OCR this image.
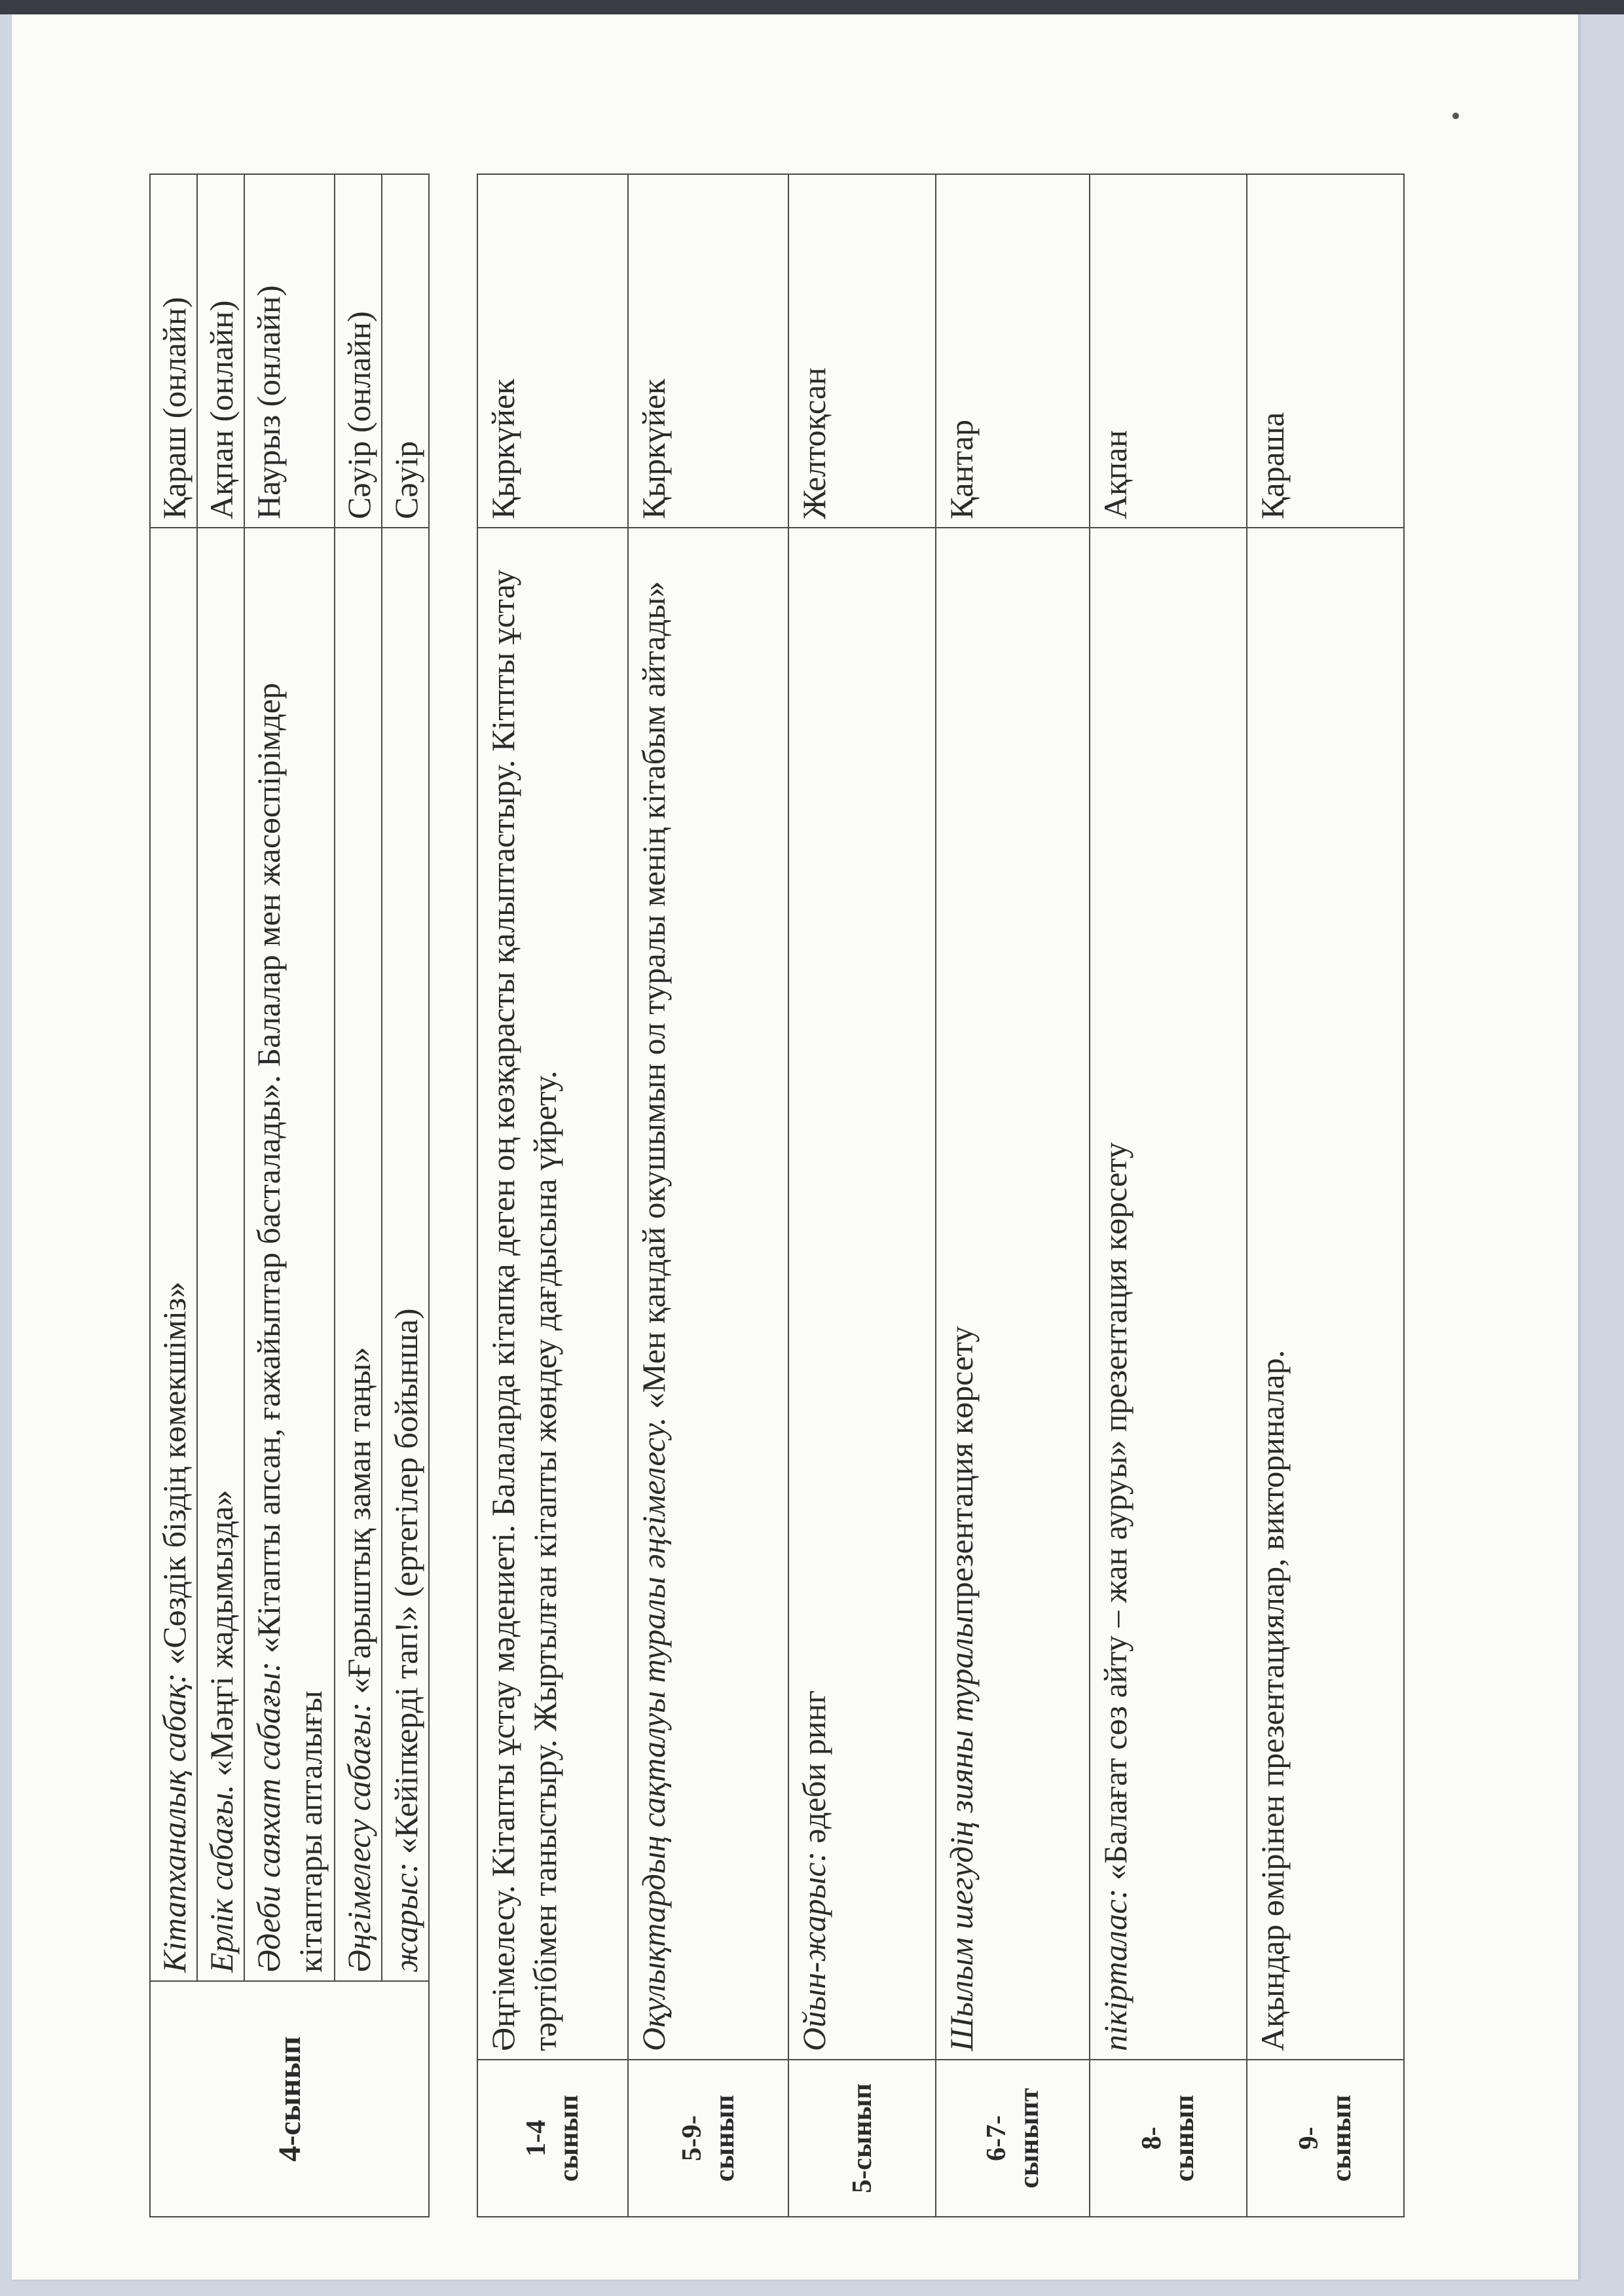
4-сынып	Кітапханалық сабақ: «Сөздік біздің көмекшіміз»	Қараш (онлайн)
	Ерлік сабағы. «Мәңгі жадымызда»	Ақпан (онлайн)
	Әдеби саяхат сабағы: «Кітапты апсан, ғажайыптар басталады». Балалар мен жасөспірімдер кітаптары апталығы	Наурыз (онлайн)
	Әңгімелесу сабағы: «Ғарыштық заман таңы»	Сәуір (онлайн)
	жарыс: «Кейіпкерді тап!» (ертегілер бойынша)	Сәуір
1-4 сынып	Әңгімелесу. Кітапты ұстау мәдениеті. Балаларда кітапқа деген оң көзқарасты қалыптастыру. Кітпты ұстау тәртібімен таныстыру. Жыртылған кітапты жөндеу дағдысына үйрету.	Қыркүйек

5-9- сынып	Оқулықтардың сақталуы туралы әңгімелесу. «Мен қандай окушымын ол туралы менің кітабым айтады»	Қыркүйек

5-сынып	Ойын-жарыс: әдеби ринг	Желтоқсан

6-7- сыныпт	Шылым шегудің зияны туралыпрезентация көрсету	Қантар

8- сынып	пікірталас: «Балағат сөз айту – жан ауруы» презентация көрсету	Ақпан

9- сынып	Ақындар өмірінен презентациялар, викториналар.	Қараша
